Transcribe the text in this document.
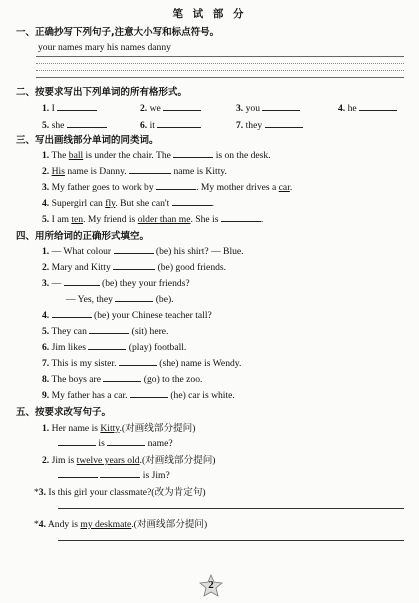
笔 试 部 分
一、正确抄写下列句子,注意大小写和标点符号。
your names mary his names danny
二、按要求写出下列单词的所有格形式。
1. I	2. we	3. you	4. he
5. she	6. it	7. they
三、写出画线部分单词的同类词。
1. The ball is under the chair. The	is on the desk.
2. His name is Danny.	name is Kitty.
3. My father goes to work by	. My mother drives a car.
4. Supergirl can fly. But she can't	.
5. I am ten. My friend is older than me. She is	.
四、用所给词的正确形式填空。
1. — What colour	(be) his shirt? — Blue.
2. Mary and Kitty	(be) good friends.
3. —	(be) they your friends?
— Yes, they	(be).
4.	(be) your Chinese teacher tall?
5. They can	(sit) here.
6. Jim likes	(play) football.
7. This is my sister.	(she) name is Wendy.
8. The boys are	(go) to the zoo.
9. My father has a car.	(he) car is white.
五、按要求改写句子。
1. Her name is Kitty.(对画线部分提问)
is	name?
2. Jim is twelve years old.(对画线部分提问)
is Jim?
*3. Is this girl your classmate?(改为肯定句)
*4. Andy is my deskmate.(对画线部分提问)
2
